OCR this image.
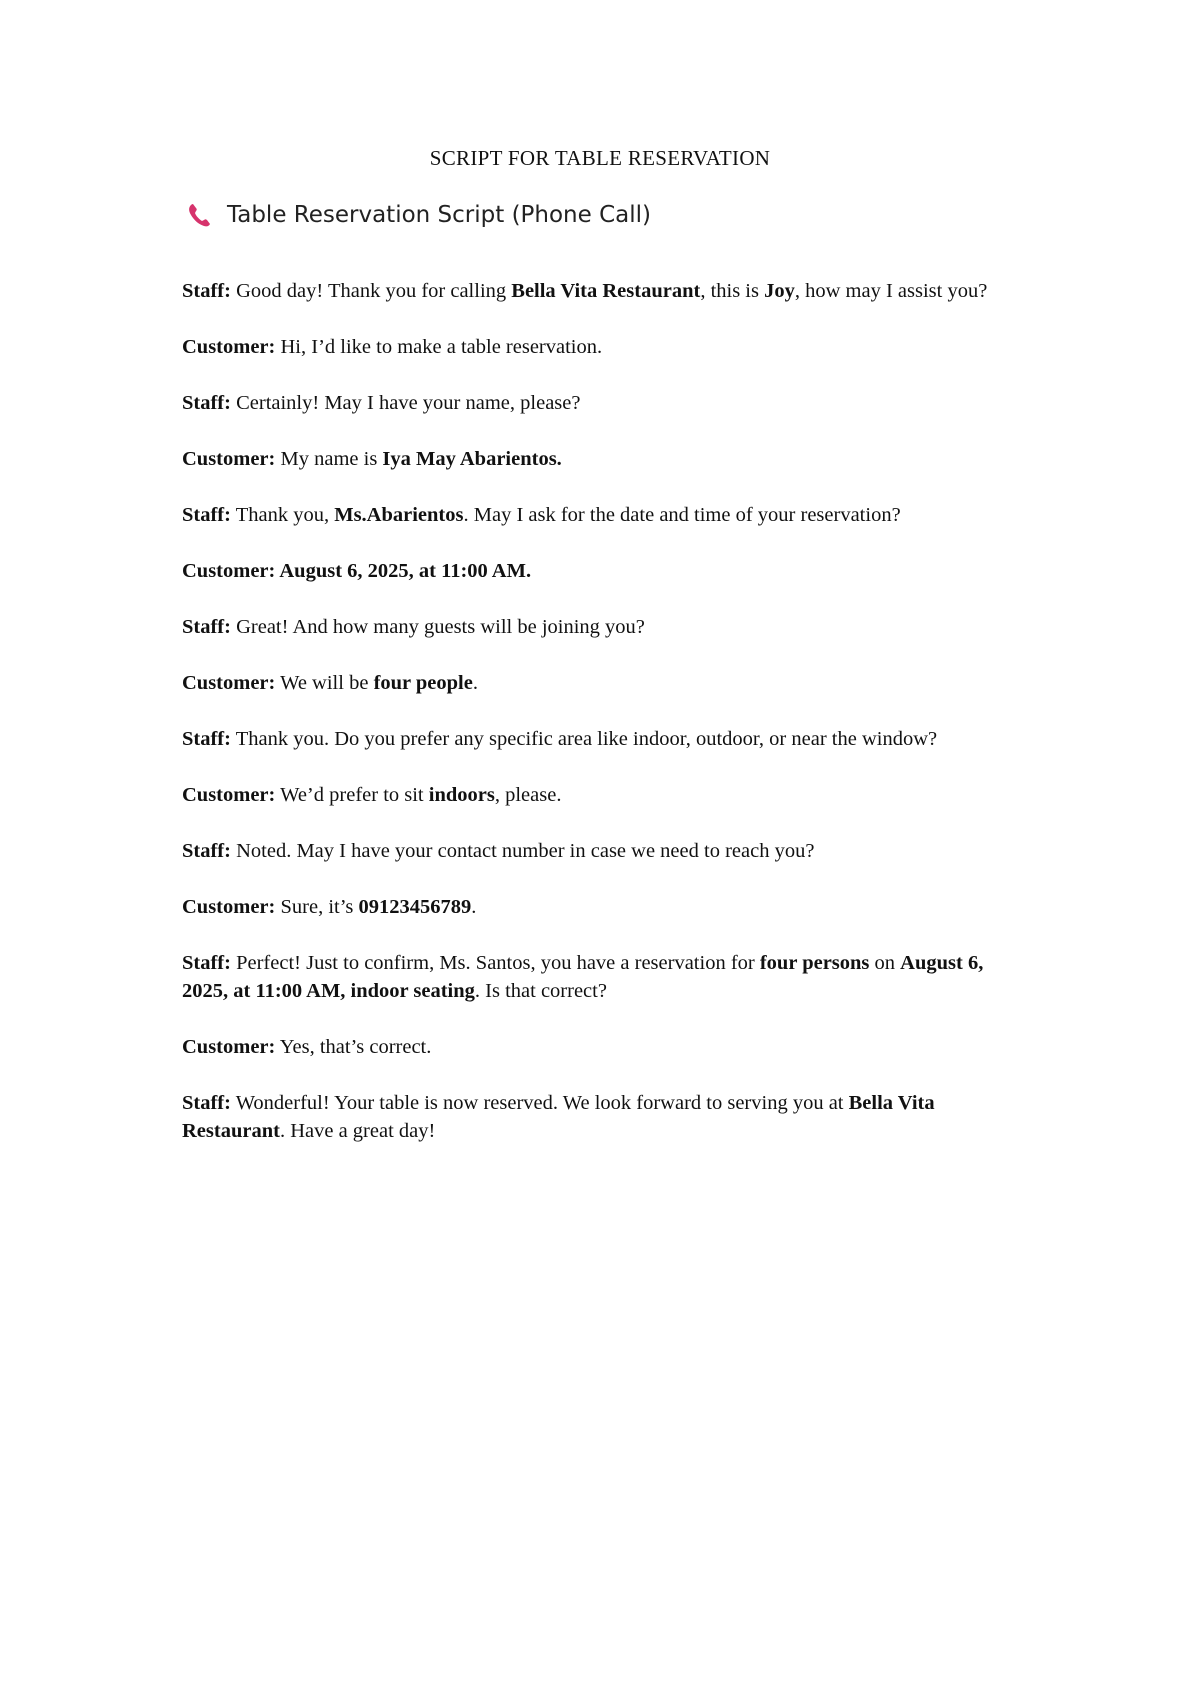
SCRIPT FOR TABLE RESERVATION
Table Reservation Script (Phone Call)

Staff: Good day! Thank you for calling Bella Vita Restaurant, this is Joy, how may I assist you?

Customer: Hi, I’d like to make a table reservation.

Staff: Certainly! May I have your name, please?

Customer: My name is Iya May Abarientos.

Staff: Thank you, Ms.Abarientos. May I ask for the date and time of your reservation?

Customer: August 6, 2025, at 11:00 AM.

Staff: Great! And how many guests will be joining you?

Customer: We will be four people.

Staff: Thank you. Do you prefer any specific area like indoor, outdoor, or near the window?

Customer: We’d prefer to sit indoors, please.

Staff: Noted. May I have your contact number in case we need to reach you?

Customer: Sure, it’s 09123456789.

Staff: Perfect! Just to confirm, Ms. Santos, you have a reservation for four persons on August 6, 2025, at 11:00 AM, indoor seating. Is that correct?

Customer: Yes, that’s correct.

Staff: Wonderful! Your table is now reserved. We look forward to serving you at Bella Vita Restaurant. Have a great day!
